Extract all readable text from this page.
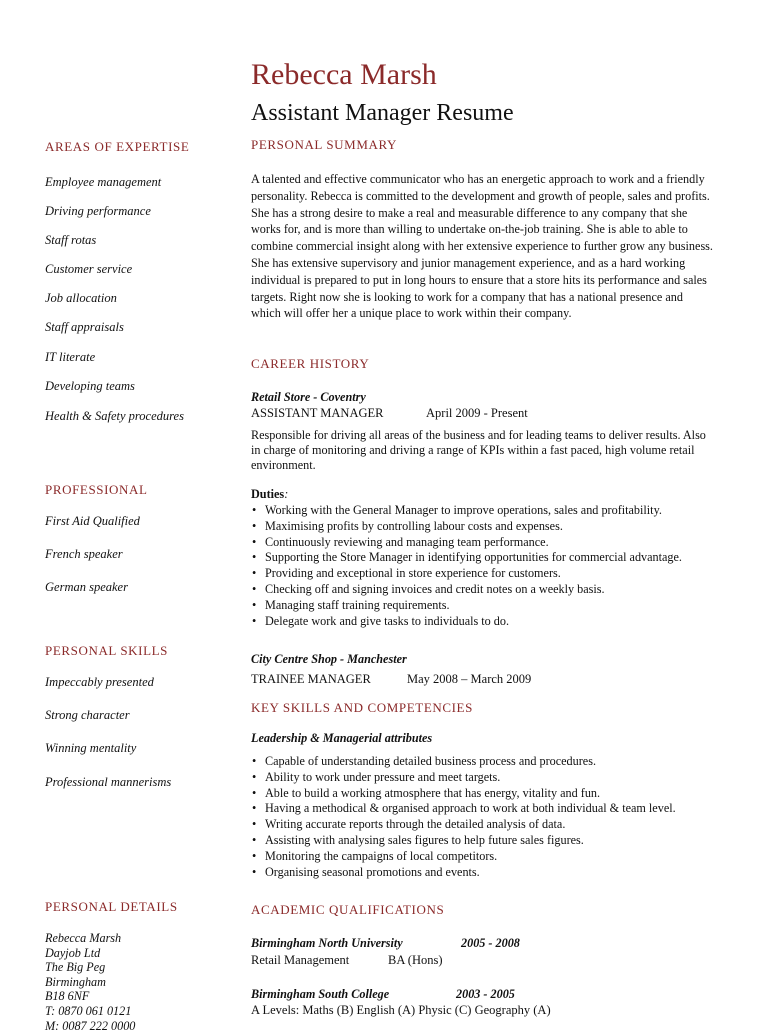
Rebecca Marsh
Assistant Manager Resume
AREAS OF EXPERTISE
Employee management
Driving performance
Staff rotas
Customer service
Job allocation
Staff appraisals
IT literate
Developing teams
Health & Safety procedures
PROFESSIONAL
First Aid Qualified
French speaker
German speaker
PERSONAL SKILLS
Impeccably presented
Strong character
Winning mentality
Professional mannerisms
PERSONAL DETAILS
Rebecca Marsh
Dayjob Ltd
The Big Peg
Birmingham
B18 6NF
T: 0870 061 0121
M: 0087 222 0000
PERSONAL SUMMARY
A talented and effective communicator who has an energetic approach to work and a friendly personality. Rebecca is committed to the development and growth of people, sales and profits. She has a strong desire to make a real and measurable difference to any company that she works for, and is more than willing to undertake on-the-job training. She is able to able to combine commercial insight along with her extensive experience to further grow any business. She has extensive supervisory and junior management experience, and as a hard working individual is prepared to put in long hours to ensure that a store hits its performance and sales targets. Right now she is looking to work for a company that has a national presence and which will offer her a unique place to work within their company.
CAREER HISTORY
Retail Store - Coventry
ASSISTANT MANAGER	April 2009 - Present
Responsible for driving all areas of the business and for leading teams to deliver results. Also in charge of monitoring and driving a range of KPIs within a fast paced, high volume retail environment.
Duties:
• Working with the General Manager to improve operations, sales and profitability.
• Maximising profits by controlling labour costs and expenses.
• Continuously reviewing and managing team performance.
• Supporting the Store Manager in identifying opportunities for commercial advantage.
• Providing and exceptional in store experience for customers.
• Checking off and signing invoices and credit notes on a weekly basis.
• Managing staff training requirements.
• Delegate work and give tasks to individuals to do.
City Centre Shop - Manchester
TRAINEE MANAGER	May 2008 – March 2009
KEY SKILLS AND COMPETENCIES
Leadership & Managerial attributes
• Capable of understanding detailed business process and procedures.
• Ability to work under pressure and meet targets.
• Able to build a working atmosphere that has energy, vitality and fun.
• Having a methodical & organised approach to work at both individual & team level.
• Writing accurate reports through the detailed analysis of data.
• Assisting with analysing sales figures to help future sales figures.
• Monitoring the campaigns of local competitors.
• Organising seasonal promotions and events.
ACADEMIC QUALIFICATIONS
Birmingham North University	2005 - 2008
Retail Management	BA (Hons)
Birmingham South College	2003 - 2005
A Levels: Maths (B) English (A) Physic (C) Geography (A)
